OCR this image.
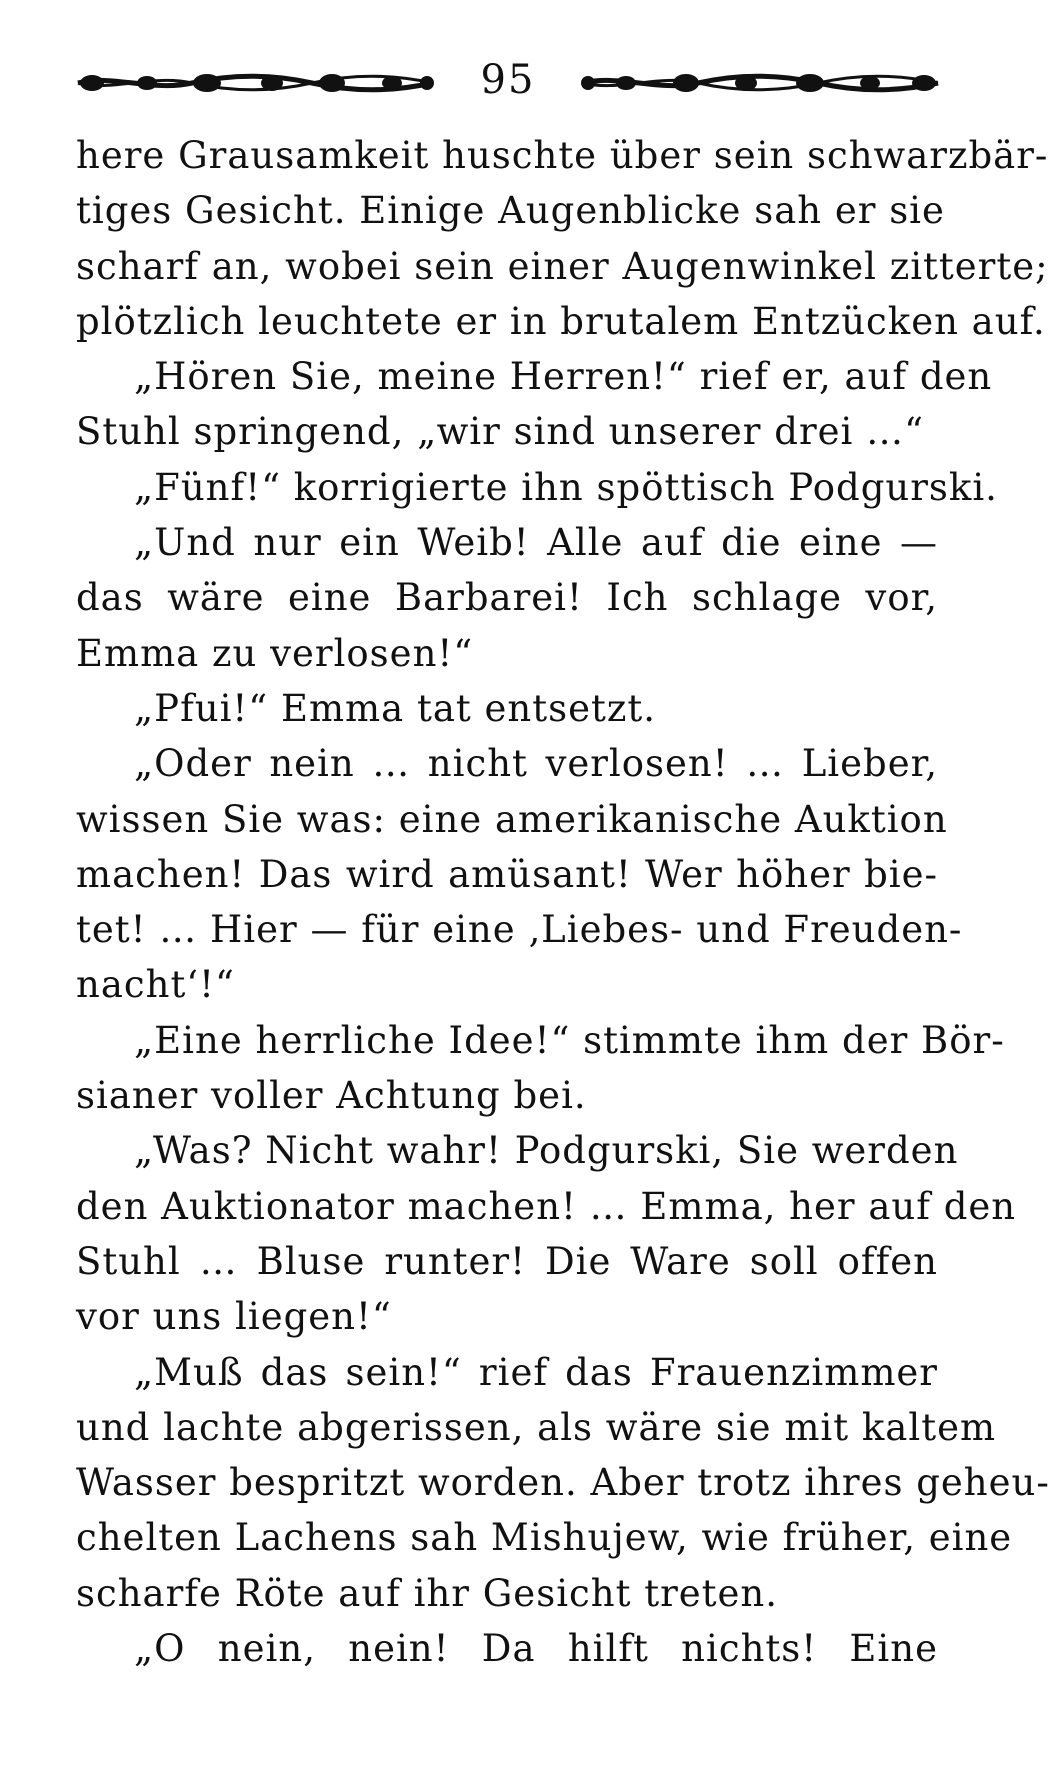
95
here Grausamkeit huschte über sein schwarzbär-
tiges Gesicht. Einige Augenblicke sah er sie
scharf an, wobei sein einer Augenwinkel zitterte;
plötzlich leuchtete er in brutalem Entzücken auf.
„Hören Sie, meine Herren!“ rief er, auf den
Stuhl springend, „wir sind unserer drei …“
„Fünf!“ korrigierte ihn spöttisch Podgurski.
„Und nur ein Weib! Alle auf die eine —
das wäre eine Barbarei! Ich schlage vor,
Emma zu verlosen!“
„Pfui!“ Emma tat entsetzt.
„Oder nein … nicht verlosen! … Lieber,
wissen Sie was: eine amerikanische Auktion
machen! Das wird amüsant! Wer höher bie-
tet! … Hier — für eine ‚Liebes- und Freuden-
nacht‘!“
„Eine herrliche Idee!“ stimmte ihm der Bör-
sianer voller Achtung bei.
„Was? Nicht wahr! Podgurski, Sie werden
den Auktionator machen! … Emma, her auf den
Stuhl … Bluse runter! Die Ware soll offen
vor uns liegen!“
„Muß das sein!“ rief das Frauenzimmer
und lachte abgerissen, als wäre sie mit kaltem
Wasser bespritzt worden. Aber trotz ihres geheu-
chelten Lachens sah Mishujew, wie früher, eine
scharfe Röte auf ihr Gesicht treten.
„O nein, nein! Da hilft nichts! Eine
